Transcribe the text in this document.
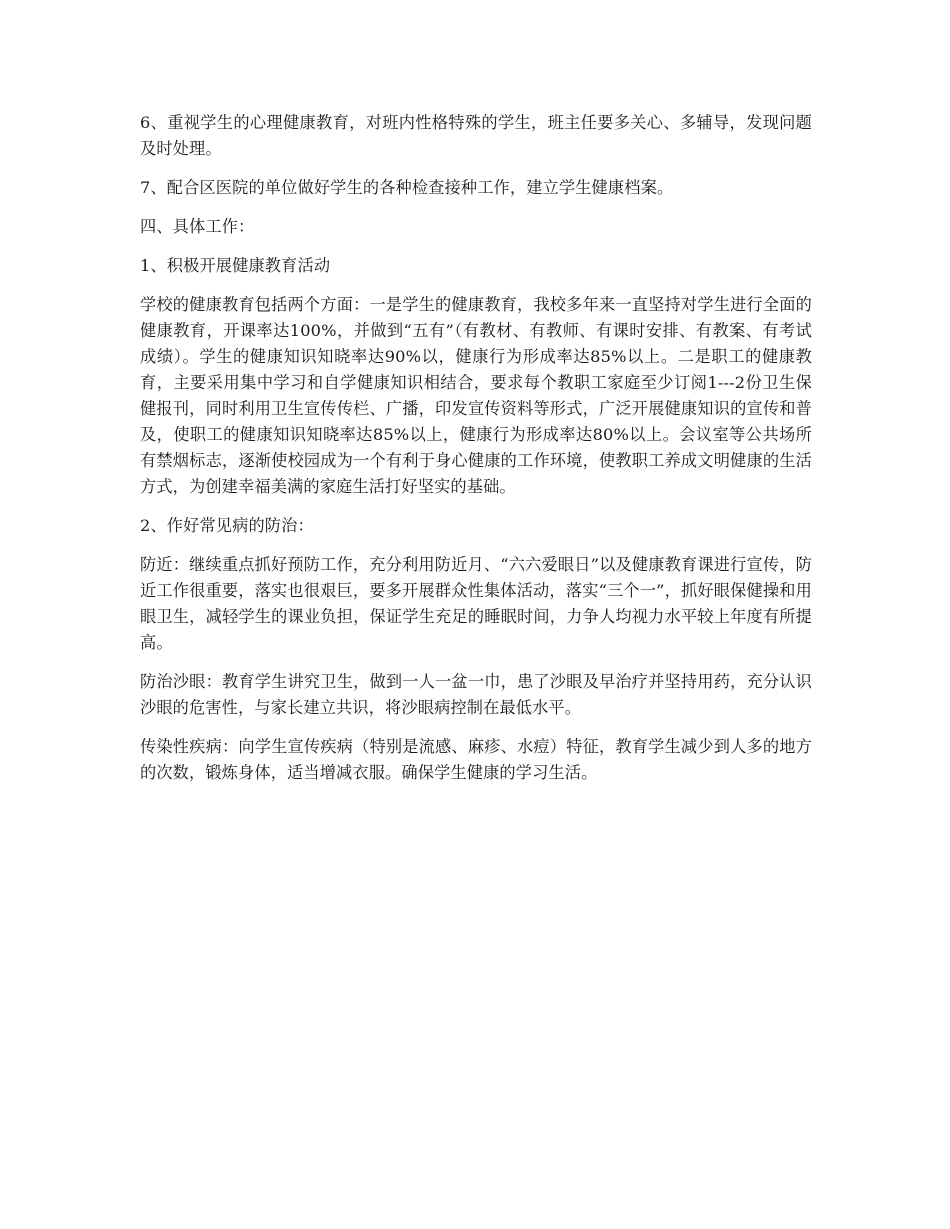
6、重视学生的心理健康教育，对班内性格特殊的学生，班主任要多关心、多辅导，发现问题及时处理。

7、配合区医院的单位做好学生的各种检查接种工作，建立学生健康档案。

四、具体工作：

1、积极开展健康教育活动

学校的健康教育包括两个方面：一是学生的健康教育，我校多年来一直坚持对学生进行全面的健康教育，开课率达100%，并做到“五有”（有教材、有教师、有课时安排、有教案、有考试成绩）。学生的健康知识知晓率达90%以，健康行为形成率达85%以上。二是职工的健康教育，主要采用集中学习和自学健康知识相结合，要求每个教职工家庭至少订阅1---2份卫生保健报刊，同时利用卫生宣传传栏、广播，印发宣传资料等形式，广泛开展健康知识的宣传和普及，使职工的健康知识知晓率达85%以上，健康行为形成率达80%以上。会议室等公共场所有禁烟标志，逐渐使校园成为一个有利于身心健康的工作环境，使教职工养成文明健康的生活方式，为创建幸福美满的家庭生活打好坚实的基础。

2、作好常见病的防治：

防近：继续重点抓好预防工作，充分利用防近月、“六六爱眼日”以及健康教育课进行宣传，防近工作很重要，落实也很艰巨，要多开展群众性集体活动，落实“三个一”，抓好眼保健操和用眼卫生，减轻学生的课业负担，保证学生充足的睡眠时间，力争人均视力水平较上年度有所提高。

防治沙眼：教育学生讲究卫生，做到一人一盆一巾，患了沙眼及早治疗并坚持用药，充分认识沙眼的危害性，与家长建立共识，将沙眼病控制在最低水平。

传染性疾病：向学生宣传疾病（特别是流感、麻疹、水痘）特征，教育学生减少到人多的地方的次数，锻炼身体，适当增减衣服。确保学生健康的学习生活。
